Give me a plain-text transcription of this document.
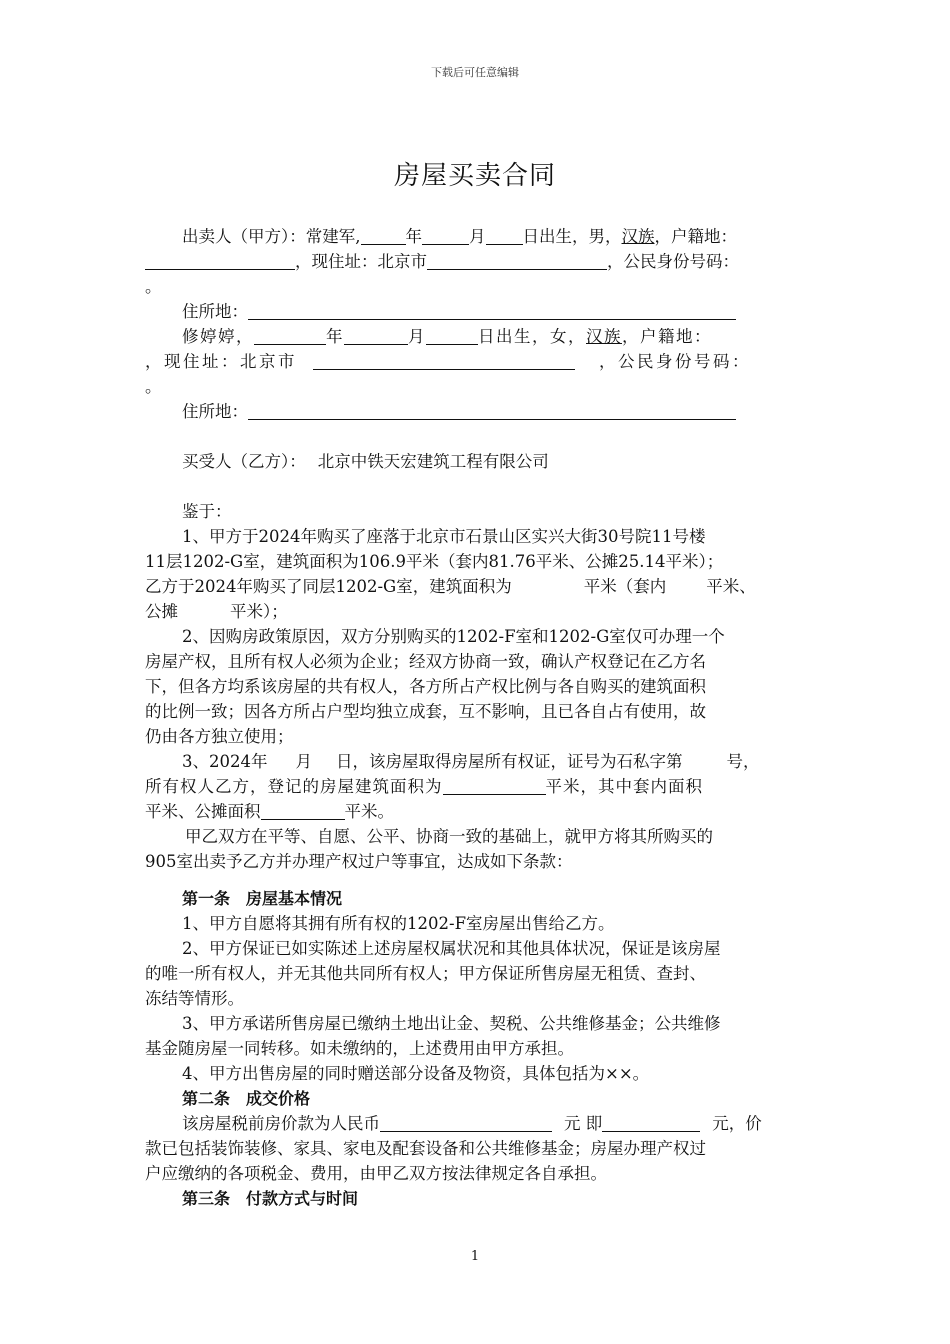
下载后可任意编辑
房屋买卖合同
出卖人（甲方）：常建军,	年	月 日出生，男，汉族，户籍地：
，现住址：北京市	，公民身份号码：
。
住所地：
修婷婷，	年	月	日出生，女，汉族，户籍地：
，现住址：北京市	，公民身份号码：
。
住所地：
买受人（乙方）： 北京中铁天宏建筑工程有限公司
鉴于：
1、甲方于2024年购买了座落于北京市石景山区实兴大街30号院11号楼
11层1202-G室，建筑面积为106.9平米（套内81.76平米、公摊25.14平米）；
乙方于2024年购买了同层1202-G室，建筑面积为	平米（套内 平米、
公摊	平米）；
2、因购房政策原因，双方分别购买的1202-F室和1202-G室仅可办理一个
房屋产权，且所有权人必须为企业；经双方协商一致，确认产权登记在乙方名
下，但各方均系该房屋的共有权人，各方所占产权比例与各自购买的建筑面积
的比例一致；因各方所占户型均独立成套，互不影响，且已各自占有使用，故
仍由各方独立使用；
3、2024年 月 日，该房屋取得房屋所有权证，证号为石私字第	号，
所有权人乙方，登记的房屋建筑面积为	平米，其中套内面积
平米、公摊面积	平米。
甲乙双方在平等、自愿、公平、协商一致的基础上，就甲方将其所购买的
905室出卖予乙方并办理产权过户等事宜，达成如下条款：
第一条　房屋基本情况
1、甲方自愿将其拥有所有权的1202-F室房屋出售给乙方。
2、甲方保证已如实陈述上述房屋权属状况和其他具体状况，保证是该房屋
的唯一所有权人，并无其他共同所有权人；甲方保证所售房屋无租赁、查封、
冻结等情形。
3、甲方承诺所售房屋已缴纳土地出让金、契税、公共维修基金；公共维修
基金随房屋一同转移。如未缴纳的，上述费用由甲方承担。
4、甲方出售房屋的同时赠送部分设备及物资，具体包括为××。
第二条　成交价格
该房屋税前房价款为人民币	元 即	元，价
款已包括装饰装修、家具、家电及配套设备和公共维修基金；房屋办理产权过
户应缴纳的各项税金、费用，由甲乙双方按法律规定各自承担。
第三条　付款方式与时间
1
